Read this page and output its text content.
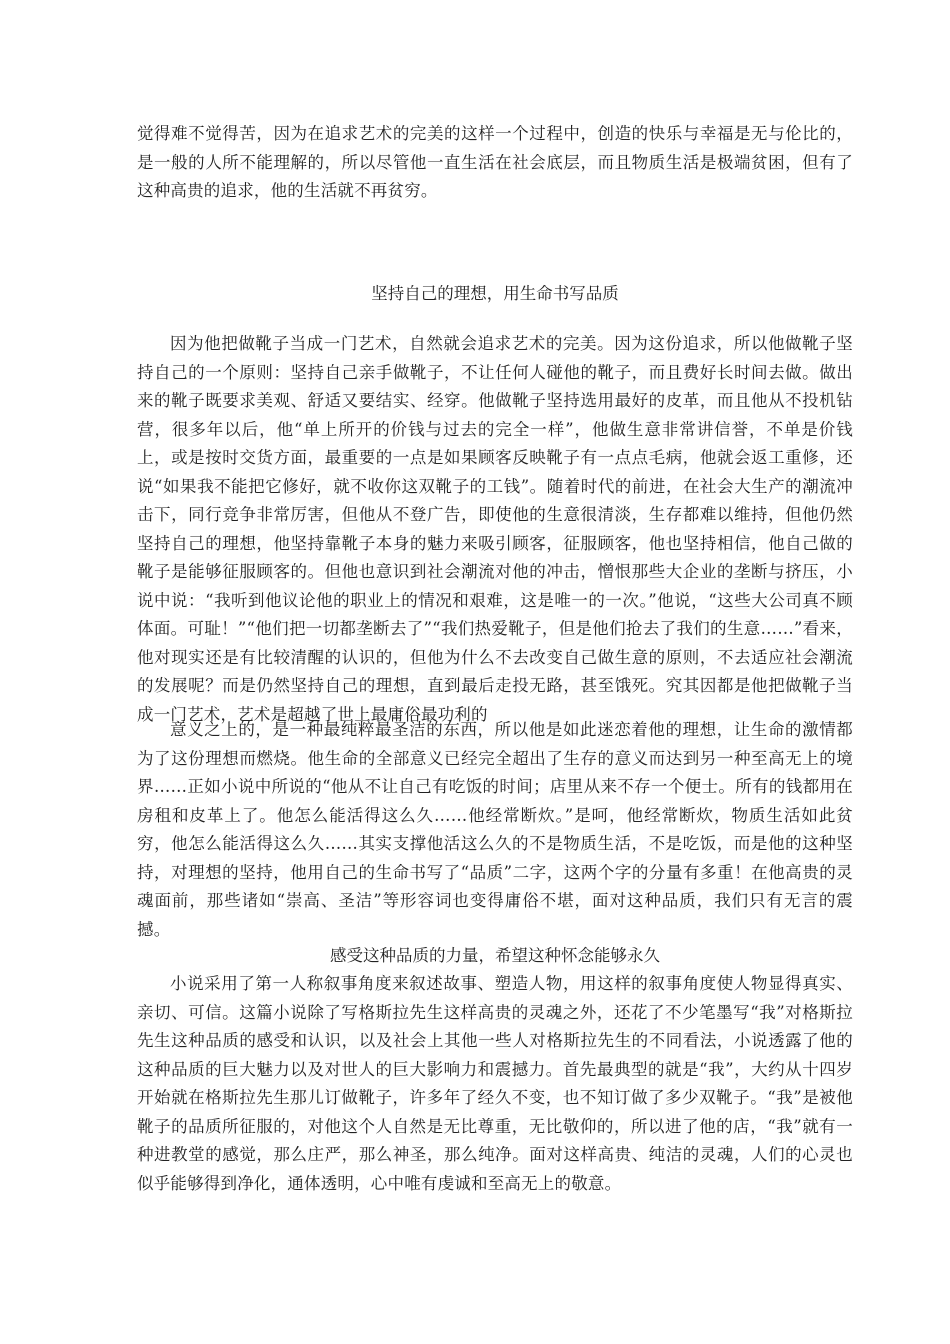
觉得难不觉得苦，因为在追求艺术的完美的这样一个过程中，创造的快乐与幸福是无与伦比的，是一般的人所不能理解的，所以尽管他一直生活在社会底层，而且物质生活是极端贫困，但有了这种高贵的追求，他的生活就不再贫穷。

坚持自己的理想，用生命书写品质

因为他把做靴子当成一门艺术，自然就会追求艺术的完美。因为这份追求，所以他做靴子坚持自己的一个原则：坚持自己亲手做靴子，不让任何人碰他的靴子，而且费好长时间去做。做出来的靴子既要求美观、舒适又要结实、经穿。他做靴子坚持选用最好的皮革，而且他从不投机钻营，很多年以后，他“单上所开的价钱与过去的完全一样”，他做生意非常讲信誉，不单是价钱上，或是按时交货方面，最重要的一点是如果顾客反映靴子有一点点毛病，他就会返工重修，还说“如果我不能把它修好，就不收你这双靴子的工钱”。随着时代的前进，在社会大生产的潮流冲击下，同行竞争非常厉害，但他从不登广告，即使他的生意很清淡，生存都难以维持，但他仍然坚持自己的理想，他坚持靠靴子本身的魅力来吸引顾客，征服顾客，他也坚持相信，他自己做的靴子是能够征服顾客的。但他也意识到社会潮流对他的冲击，憎恨那些大企业的垄断与挤压，小说中说：“我听到他议论他的职业上的情况和艰难，这是唯一的一次。”他说，“这些大公司真不顾体面。可耻！”“他们把一切都垄断去了”“我们热爱靴子，但是他们抢去了我们的生意……”看来，他对现实还是有比较清醒的认识的，但他为什么不去改变自己做生意的原则，不去适应社会潮流的发展呢？而是仍然坚持自己的理想，直到最后走投无路，甚至饿死。究其因都是他把做靴子当成一门艺术，艺术是超越了世上最庸俗最功利的

意义之上的，是一种最纯粹最圣洁的东西，所以他是如此迷恋着他的理想，让生命的激情都为了这份理想而燃烧。他生命的全部意义已经完全超出了生存的意义而达到另一种至高无上的境界……正如小说中所说的“他从不让自己有吃饭的时间；店里从来不存一个便士。所有的钱都用在房租和皮革上了。他怎么能活得这么久……他经常断炊。”是呵，他经常断炊，物质生活如此贫穷，他怎么能活得这么久……其实支撑他活这么久的不是物质生活，不是吃饭，而是他的这种坚持，对理想的坚持，他用自己的生命书写了“品质”二字，这两个字的分量有多重！在他高贵的灵魂面前，那些诸如“崇高、圣洁”等形容词也变得庸俗不堪，面对这种品质，我们只有无言的震撼。

感受这种品质的力量，希望这种怀念能够永久

小说采用了第一人称叙事角度来叙述故事、塑造人物，用这样的叙事角度使人物显得真实、亲切、可信。这篇小说除了写格斯拉先生这样高贵的灵魂之外，还花了不少笔墨写“我”对格斯拉先生这种品质的感受和认识，以及社会上其他一些人对格斯拉先生的不同看法，小说透露了他的这种品质的巨大魅力以及对世人的巨大影响力和震撼力。首先最典型的就是“我”，大约从十四岁开始就在格斯拉先生那儿订做靴子，许多年了经久不变，也不知订做了多少双靴子。“我”是被他靴子的品质所征服的，对他这个人自然是无比尊重，无比敬仰的，所以进了他的店，“我”就有一种进教堂的感觉，那么庄严，那么神圣，那么纯净。面对这样高贵、纯洁的灵魂，人们的心灵也似乎能够得到净化，通体透明，心中唯有虔诚和至高无上的敬意。
